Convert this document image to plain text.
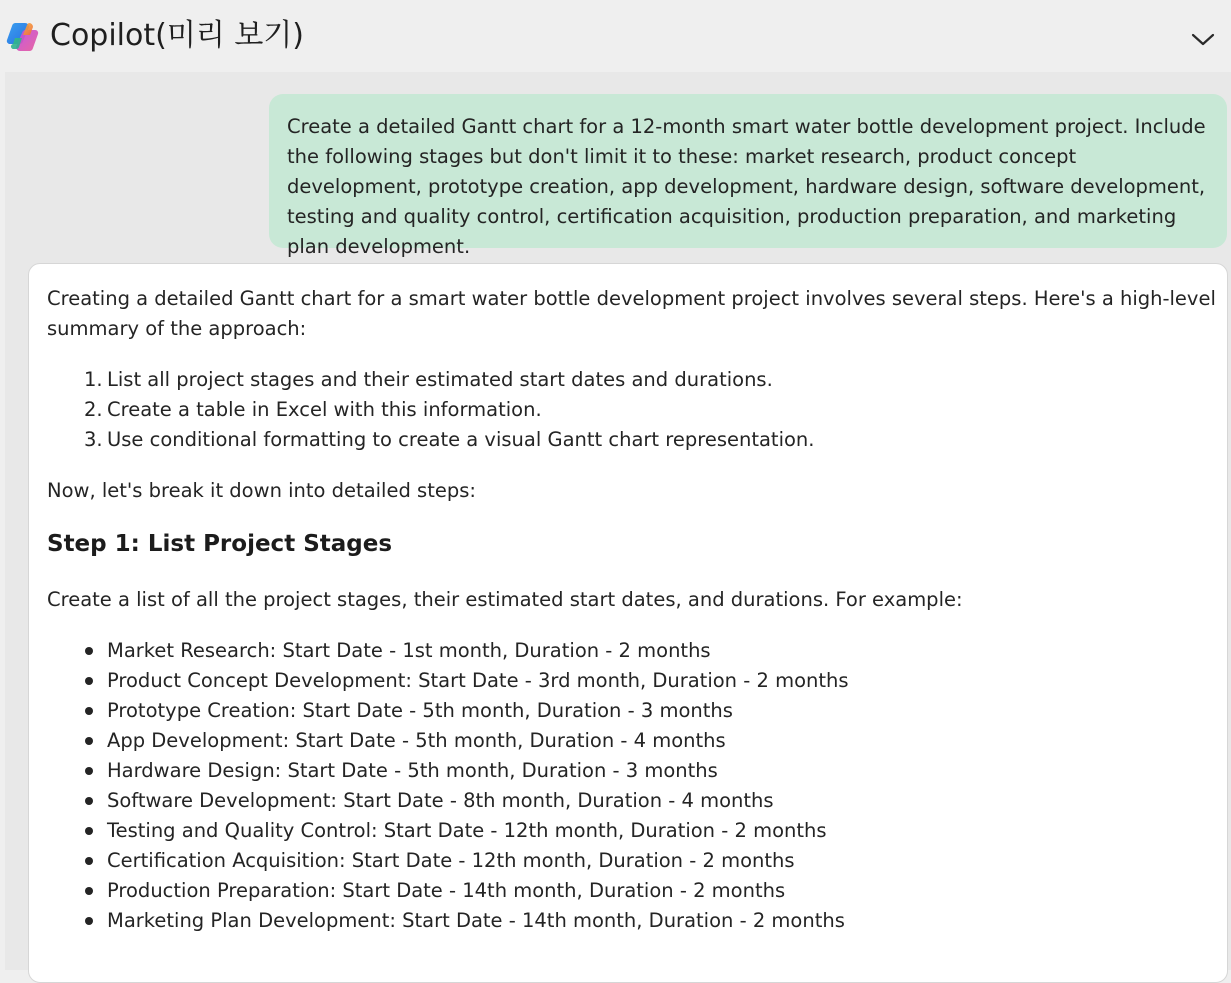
Copilot(미리 보기)

Create a detailed Gantt chart for a 12-month smart water bottle development project. Include the following stages but don't limit it to these: market research, product concept development, prototype creation, app development, hardware design, software development, testing and quality control, certification acquisition, production preparation, and marketing plan development.

Creating a detailed Gantt chart for a smart water bottle development project involves several steps. Here's a high-level

summary of the approach:

1. List all project stages and their estimated start dates and durations.
2. Create a table in Excel with this information.
3. Use conditional formatting to create a visual Gantt chart representation.

Now, let's break it down into detailed steps:

Step 1: List Project Stages

Create a list of all the project stages, their estimated start dates, and durations. For example:

Market Research: Start Date - 1st month, Duration - 2 months
Product Concept Development: Start Date - 3rd month, Duration - 2 months
Prototype Creation: Start Date - 5th month, Duration - 3 months
App Development: Start Date - 5th month, Duration - 4 months
Hardware Design: Start Date - 5th month, Duration - 3 months
Software Development: Start Date - 8th month, Duration - 4 months
Testing and Quality Control: Start Date - 12th month, Duration - 2 months
Certification Acquisition: Start Date - 12th month, Duration - 2 months
Production Preparation: Start Date - 14th month, Duration - 2 months
Marketing Plan Development: Start Date - 14th month, Duration - 2 months
